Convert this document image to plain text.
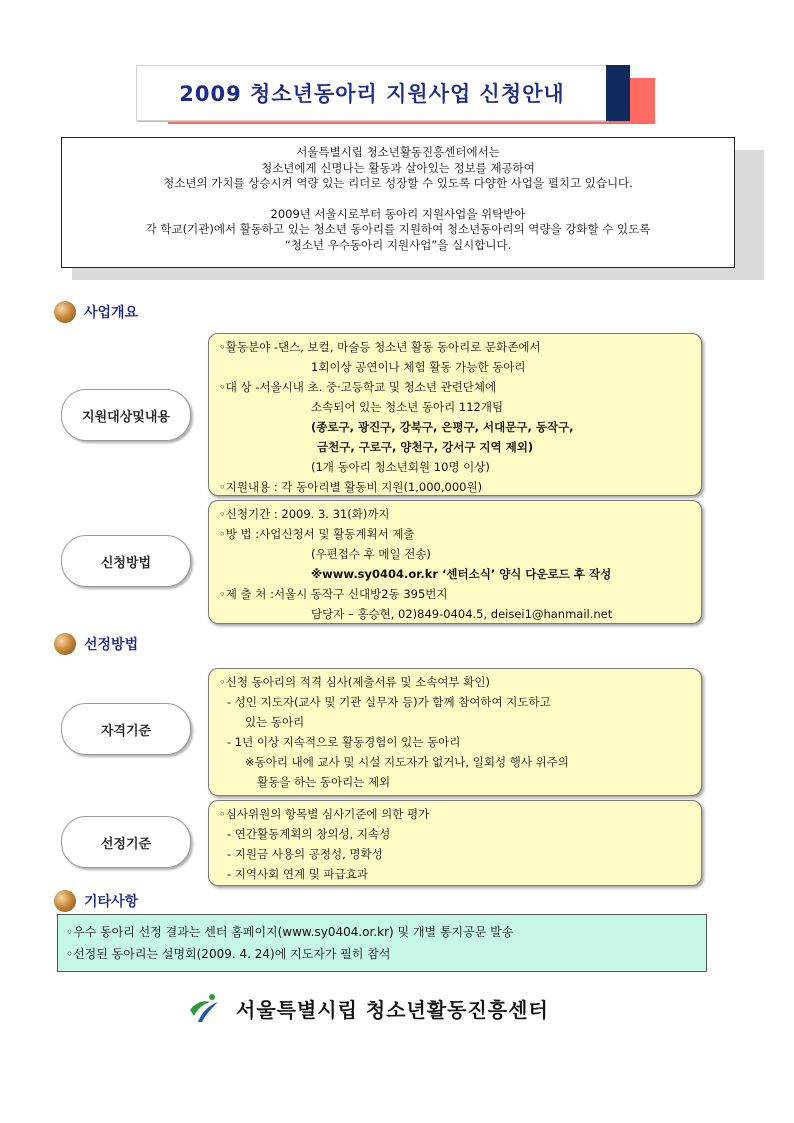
2009 청소년동아리 지원사업 신청안내

서울특별시립 청소년활동진흥센터에서는

청소년에게 신명나는 활동과 살아있는 정보를 제공하여

청소년의 가치를 상승시켜 역량 있는 리더로 성장할 수 있도록 다양한 사업을 펼치고 있습니다.

2009년 서울시로부터 동아리 지원사업을 위탁받아

각 학교(기관)에서 활동하고 있는 청소년 동아리를 지원하여 청소년동아리의 역량을 강화할 수 있도록

“청소년 우수동아리 지원사업”을 실시합니다.

사업개요
지원대상및내용
◦활동분야 - 댄스, 보컬, 마술등 청소년 활동 동아리로 문화존에서
1회이상 공연이나 체험 활동 가능한 동아리
◦대 상 - 서울시내 초. 중·고등학교 및 청소년 관련단체에
소속되어 있는 청소년 동아리 112개팀
(종로구, 광진구, 강북구, 은평구, 서대문구, 동작구,
금천구, 구로구, 양천구, 강서구 지역 제외)
(1개 동아리 청소년회원 10명 이상)
◦지원내용 : 각 동아리별 활동비 지원(1,000,000원)
신청방법
◦신청기간 : 2009. 3. 31(화)까지
◦방 법 : 사업신청서 및 활동계획서 제출
(우편접수 후 메일 전송)
※www.sy0404.or.kr ‘센터소식’ 양식 다운로드 후 작성
◦제 출 처 : 서울시 동작구 신대방2동 395번지
담당자 – 홍승현, 02)849-0404.5, deisei1@hanmail.net
선정방법
자격기준
◦신청 동아리의 적격 심사(제출서류 및 소속여부 확인)
- 성인 지도자(교사 및 기관 실무자 등)가 함께 참여하여 지도하고
있는 동아리
- 1년 이상 지속적으로 활동경험이 있는 동아리
※동아리 내에 교사 및 시설 지도자가 없거나, 일회성 행사 위주의
활동을 하는 동아리는 제외
선정기준
◦심사위원의 항목별 심사기준에 의한 평가
- 연간활동계획의 창의성, 지속성
- 지원금 사용의 공정성, 명확성
- 지역사회 연계 및 파급효과
기타사항
◦우수 동아리 선정 결과는 센터 홈페이지(www.sy0404.or.kr) 및 개별 통지공문 발송
◦선정된 동아리는 설명회(2009. 4. 24)에 지도자가 필히 참석
서울특별시립 청소년활동진흥센터
